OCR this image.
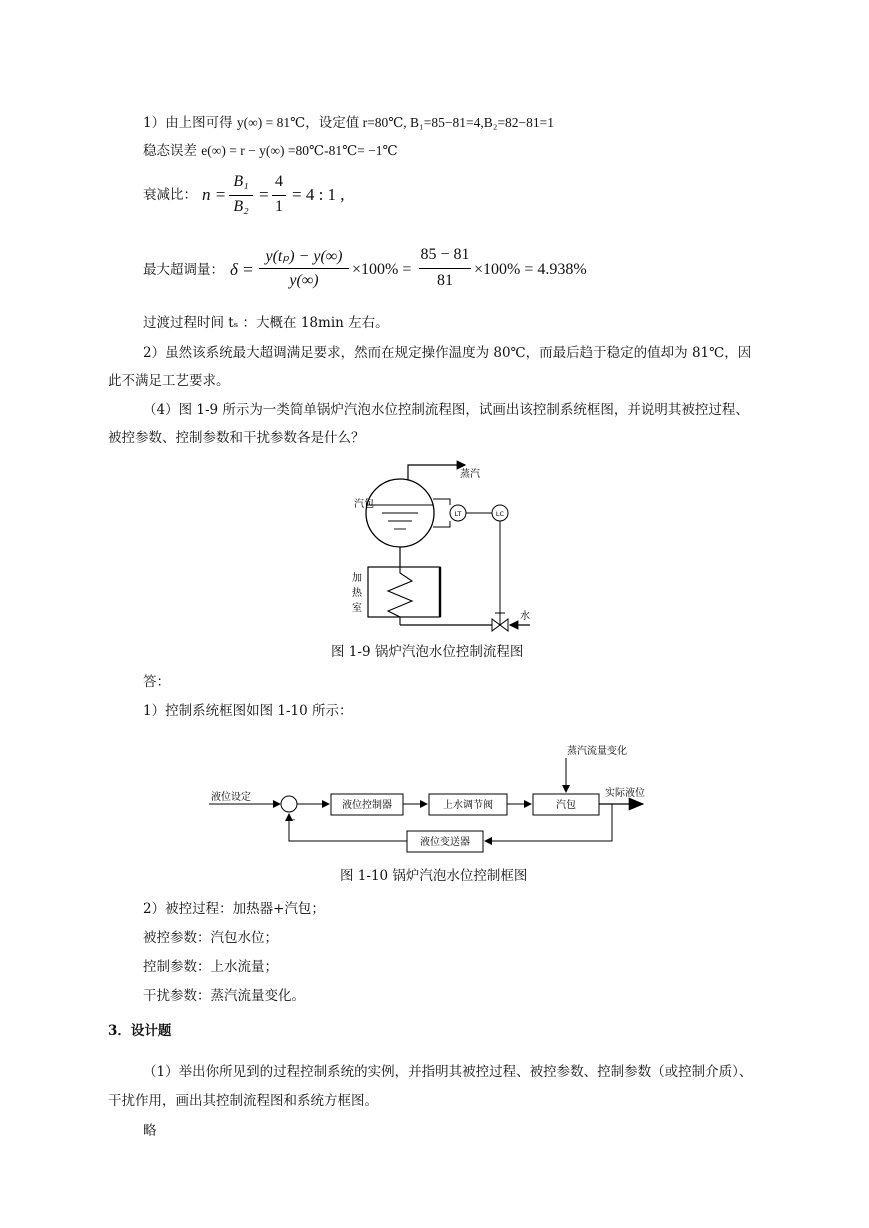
1）由上图可得 y(∞) = 81℃，设定值 r=80℃, B₁=85−81=4,B₂=82−81=1
稳态误差 e(∞) = r − y(∞) =80℃-81℃= −1℃
衰减比： n =
B₁
B₂
=
4
1
= 4 : 1 ,
最大超调量： δ =
y(tₚ) − y(∞)
y(∞)
×100% =
85 − 81
81
×100% = 4.938%
过渡过程时间 tₛ ：大概在 18min 左右。
2）虽然该系统最大超调满足要求，然而在规定操作温度为 80℃，而最后趋于稳定的值却为 81℃，因
此不满足工艺要求。
（4）图 1-9 所示为一类简单锅炉汽泡水位控制流程图，试画出该控制系统框图，并说明其被控过程、
被控参数、控制参数和干扰参数各是什么？
蒸汽
汽包
LT	LC
加
热
室
水
图 1-9 锅炉汽泡水位控制流程图
答：
1）控制系统框图如图 1-10 所示：
液位设定
-
液位控制器	上水调节阀	汽包
蒸汽流量变化
实际液位
液位变送器
图 1-10 锅炉汽泡水位控制框图
2）被控过程：加热器+汽包；
被控参数：汽包水位；
控制参数：上水流量；
干扰参数：蒸汽流量变化。
3．设计题
（1）举出你所见到的过程控制系统的实例，并指明其被控过程、被控参数、控制参数（或控制介质）、
干扰作用，画出其控制流程图和系统方框图。
略
